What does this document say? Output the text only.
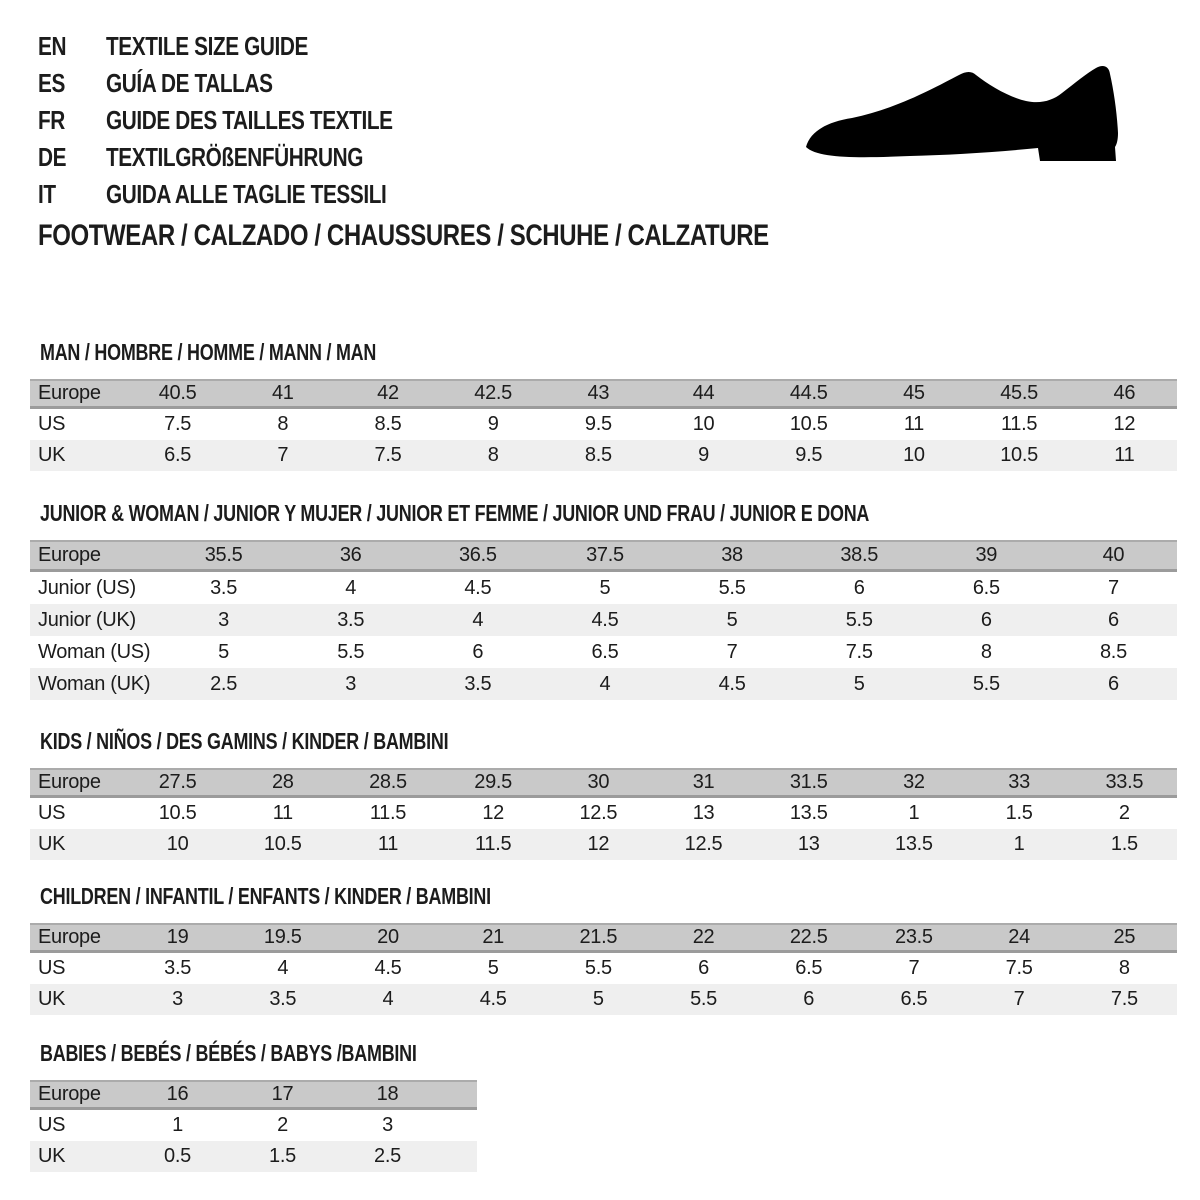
EN TEXTILE SIZE GUIDE
ES GUÍA DE TALLAS
FR GUIDE DES TAILLES TEXTILE
DE TEXTILGRÖßENFÜHRUNG
IT GUIDA ALLE TAGLIE TESSILI
FOOTWEAR / CALZADO / CHAUSSURES / SCHUHE / CALZATURE
MAN / HOMBRE / HOMME / MANN / MAN
Europe	40.5	41	42	42.5	43	44	44.5	45	45.5	46
US	7.5	8	8.5	9	9.5	10	10.5	11	11.5	12
UK	6.5	7	7.5	8	8.5	9	9.5	10	10.5	11
JUNIOR & WOMAN / JUNIOR Y MUJER / JUNIOR ET FEMME / JUNIOR UND FRAU / JUNIOR E DONA
Europe	35.5	36	36.5	37.5	38	38.5	39	40
Junior (US)	3.5	4	4.5	5	5.5	6	6.5	7
Junior (UK)	3	3.5	4	4.5	5	5.5	6	6
Woman (US)	5	5.5	6	6.5	7	7.5	8	8.5
Woman (UK)	2.5	3	3.5	4	4.5	5	5.5	6
KIDS / NIÑOS / DES GAMINS / KINDER / BAMBINI
Europe	27.5	28	28.5	29.5	30	31	31.5	32	33	33.5
US	10.5	11	11.5	12	12.5	13	13.5	1	1.5	2
UK	10	10.5	11	11.5	12	12.5	13	13.5	1	1.5
CHILDREN / INFANTIL / ENFANTS / KINDER / BAMBINI
Europe	19	19.5	20	21	21.5	22	22.5	23.5	24	25
US	3.5	4	4.5	5	5.5	6	6.5	7	7.5	8
UK	3	3.5	4	4.5	5	5.5	6	6.5	7	7.5
BABIES / BEBÉS / BÉBÉS / BABYS /BAMBINI
Europe	16	17	18	
US	1	2	3	
UK	0.5	1.5	2.5	
